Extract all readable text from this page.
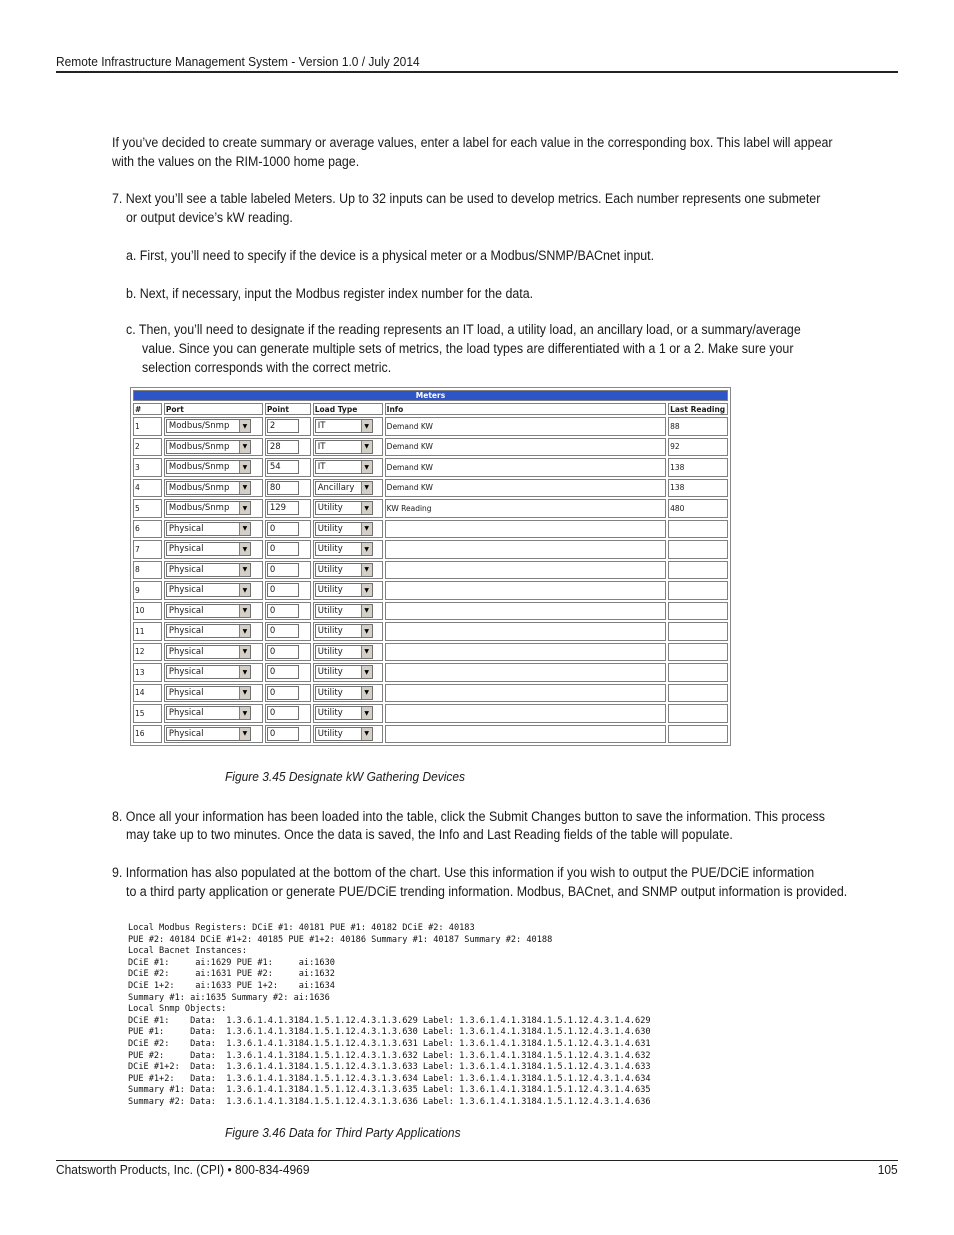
Remote Infrastructure Management System - Version 1.0 / July 2014
If you’ve decided to create summary or average values, enter a label for each value in the corresponding box. This label will appear
with the values on the RIM-1000 home page.
7. Next you’ll see a table labeled Meters. Up to 32 inputs can be used to develop metrics. Each number represents one submeter
or output device’s kW reading.
a. First, you’ll need to specify if the device is a physical meter or a Modbus/SNMP/BACnet input.
b. Next, if necessary, input the Modbus register index number for the data.
c. Then, you’ll need to designate if the reading represents an IT load, a utility load, an ancillary load, or a summary/average
value. Since you can generate multiple sets of metrics, the load types are differentiated with a 1 or a 2. Make sure your
selection corresponds with the correct metric.
Meters					
#	Port	Point	Load Type	Info	Last Reading
1	Modbus/Snmp ▼	2	IT ▼	Demand KW	88
2	Modbus/Snmp ▼	28	IT ▼	Demand KW	92
3	Modbus/Snmp ▼	54	IT ▼	Demand KW	138
4	Modbus/Snmp ▼	80	Ancillary ▼	Demand KW	138
5	Modbus/Snmp ▼	129	Utility ▼	KW Reading	480
6	Physical ▼	0	Utility ▼		

7	Physical ▼	0	Utility ▼		

8	Physical ▼	0	Utility ▼		

9	Physical ▼	0	Utility ▼		

10	Physical ▼	0	Utility ▼		

11	Physical ▼	0	Utility ▼		

12	Physical ▼	0	Utility ▼		

13	Physical ▼	0	Utility ▼		

14	Physical ▼	0	Utility ▼		

15	Physical ▼	0	Utility ▼		

16	Physical ▼	0	Utility ▼		

Figure 3.45 Designate kW Gathering Devices
8. Once all your information has been loaded into the table, click the Submit Changes button to save the information. This process
may take up to two minutes. Once the data is saved, the Info and Last Reading fields of the table will populate.
9. Information has also populated at the bottom of the chart. Use this information if you wish to output the PUE/DCiE information
to a third party application or generate PUE/DCiE trending information. Modbus, BACnet, and SNMP output information is provided.
Local Modbus Registers: DCiE #1: 40181 PUE #1: 40182 DCiE #2: 40183
PUE #2: 40184 DCiE #1+2: 40185 PUE #1+2: 40186 Summary #1: 40187 Summary #2: 40188
Local Bacnet Instances:
DCiE #1:     ai:1629 PUE #1:     ai:1630
DCiE #2:     ai:1631 PUE #2:     ai:1632
DCiE 1+2:    ai:1633 PUE 1+2:    ai:1634
Summary #1: ai:1635 Summary #2: ai:1636
Local Snmp Objects:
DCiE #1:    Data:  1.3.6.1.4.1.3184.1.5.1.12.4.3.1.3.629 Label: 1.3.6.1.4.1.3184.1.5.1.12.4.3.1.4.629
PUE #1:     Data:  1.3.6.1.4.1.3184.1.5.1.12.4.3.1.3.630 Label: 1.3.6.1.4.1.3184.1.5.1.12.4.3.1.4.630
DCiE #2:    Data:  1.3.6.1.4.1.3184.1.5.1.12.4.3.1.3.631 Label: 1.3.6.1.4.1.3184.1.5.1.12.4.3.1.4.631
PUE #2:     Data:  1.3.6.1.4.1.3184.1.5.1.12.4.3.1.3.632 Label: 1.3.6.1.4.1.3184.1.5.1.12.4.3.1.4.632
DCiE #1+2:  Data:  1.3.6.1.4.1.3184.1.5.1.12.4.3.1.3.633 Label: 1.3.6.1.4.1.3184.1.5.1.12.4.3.1.4.633
PUE #1+2:   Data:  1.3.6.1.4.1.3184.1.5.1.12.4.3.1.3.634 Label: 1.3.6.1.4.1.3184.1.5.1.12.4.3.1.4.634
Summary #1: Data:  1.3.6.1.4.1.3184.1.5.1.12.4.3.1.3.635 Label: 1.3.6.1.4.1.3184.1.5.1.12.4.3.1.4.635
Summary #2: Data:  1.3.6.1.4.1.3184.1.5.1.12.4.3.1.3.636 Label: 1.3.6.1.4.1.3184.1.5.1.12.4.3.1.4.636
Figure 3.46 Data for Third Party Applications
Chatsworth Products, Inc. (CPI) • 800-834-4969	105
